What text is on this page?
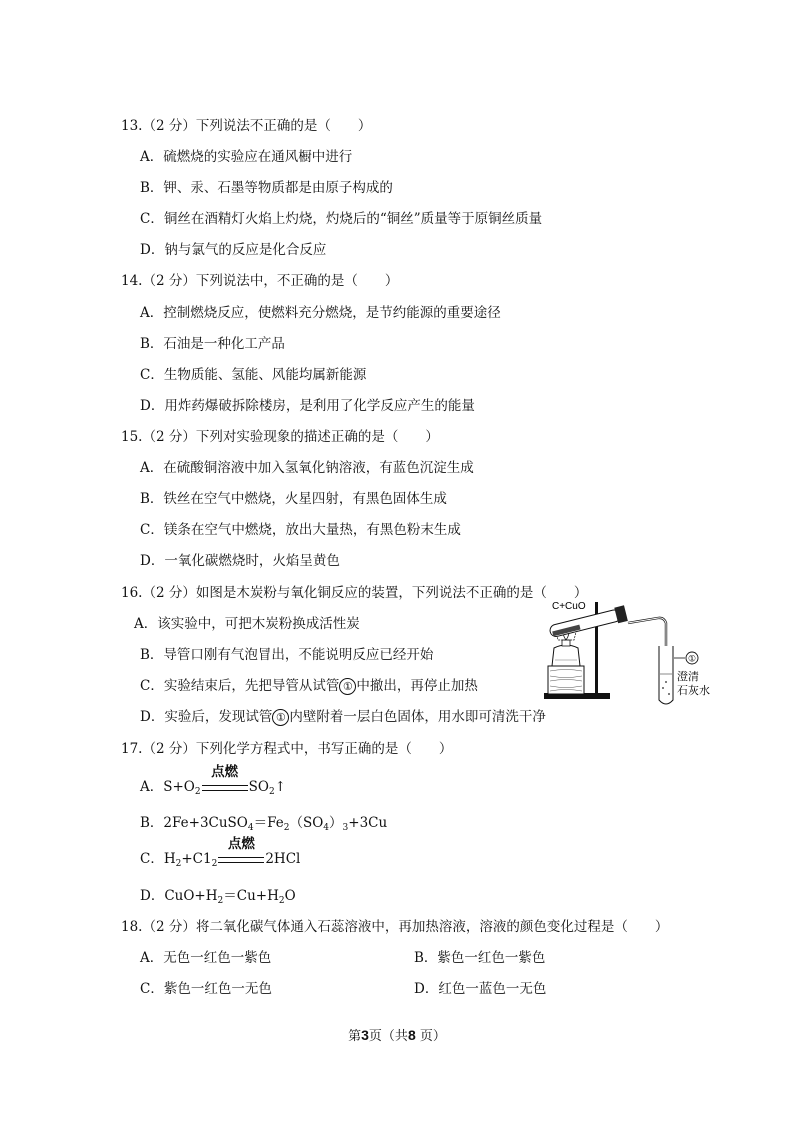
13.（2 分）下列说法不正确的是（　　）
A．硫燃烧的实验应在通风橱中进行
B．钾、汞、石墨等物质都是由原子构成的
C．铜丝在酒精灯火焰上灼烧，灼烧后的“铜丝”质量等于原铜丝质量
D．钠与氯气的反应是化合反应
14.（2 分）下列说法中，不正确的是（　　）
A．控制燃烧反应，使燃料充分燃烧，是节约能源的重要途径
B．石油是一种化工产品
C．生物质能、氢能、风能均属新能源
D．用炸药爆破拆除楼房，是利用了化学反应产生的能量
15.（2 分）下列对实验现象的描述正确的是（　　）
A．在硫酸铜溶液中加入氢氧化钠溶液，有蓝色沉淀生成
B．铁丝在空气中燃烧，火星四射，有黑色固体生成
C．镁条在空气中燃烧，放出大量热，有黑色粉末生成
D．一氧化碳燃烧时，火焰呈黄色
16.（2 分）如图是木炭粉与氧化铜反应的装置，下列说法不正确的是（　　）
A．该实验中，可把木炭粉换成活性炭
B．导管口刚有气泡冒出，不能说明反应已经开始
C．实验结束后，先把导管从试管 ① 中撤出，再停止加热
D．实验后，发现试管 ① 内壁附着一层白色固体，用水即可清洗干净
C+CuO
①
澄清
石灰水
17.（2 分）下列化学方程式中，书写正确的是（　　）
A．$S+O_2$
点燃
$SO_2↑$
B．$2Fe+3CuSO_4=Fe_2(SO_4)_3+3Cu$
C．$H_2+C1_2$
点燃
2HCl
D．$CuO+H_2=Cu+H_2O$
18.（2 分）将二氧化碳气体通入石蕊溶液中，再加热溶液，溶液的颜色变化过程是（　　）
A．无色一红色一紫色	B．紫色一红色一紫色
C．紫色一红色一无色	D．红色一蓝色一无色
第3页（共8 页）
